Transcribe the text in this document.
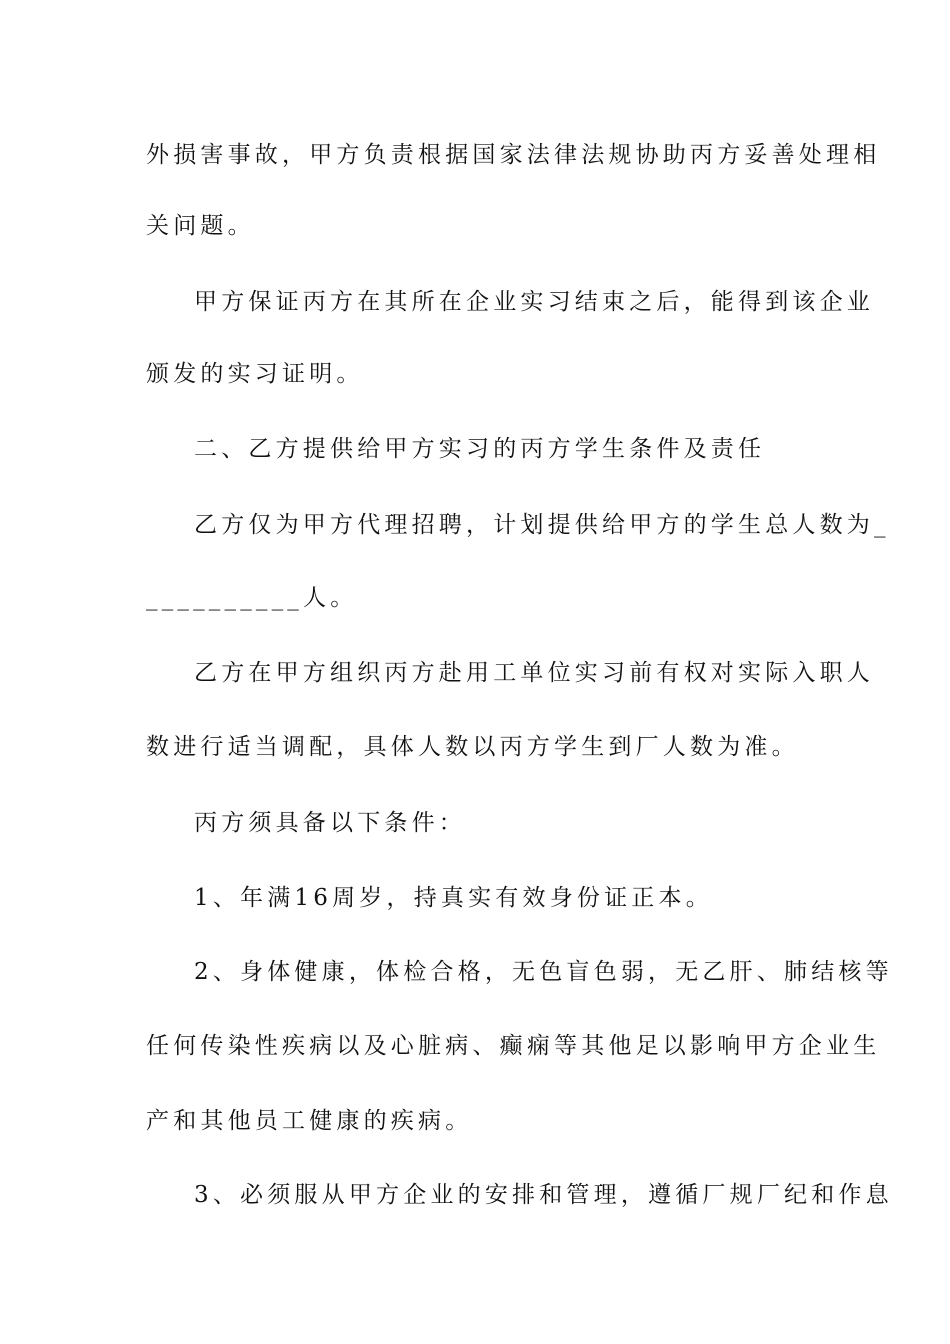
外损害事故，甲方负责根据国家法律法规协助丙方妥善处理相
关问题。
甲方保证丙方在其所在企业实习结束之后，能得到该企业
颁发的实习证明。
二、乙方提供给甲方实习的丙方学生条件及责任
乙方仅为甲方代理招聘，计划提供给甲方的学生总人数为_
__________人。
乙方在甲方组织丙方赴用工单位实习前有权对实际入职人
数进行适当调配，具体人数以丙方学生到厂人数为准。
丙方须具备以下条件：
1、年满16周岁，持真实有效身份证正本。
2、身体健康，体检合格，无色盲色弱，无乙肝、肺结核等
任何传染性疾病以及心脏病、癫痫等其他足以影响甲方企业生
产和其他员工健康的疾病。
3、必须服从甲方企业的安排和管理，遵循厂规厂纪和作息
